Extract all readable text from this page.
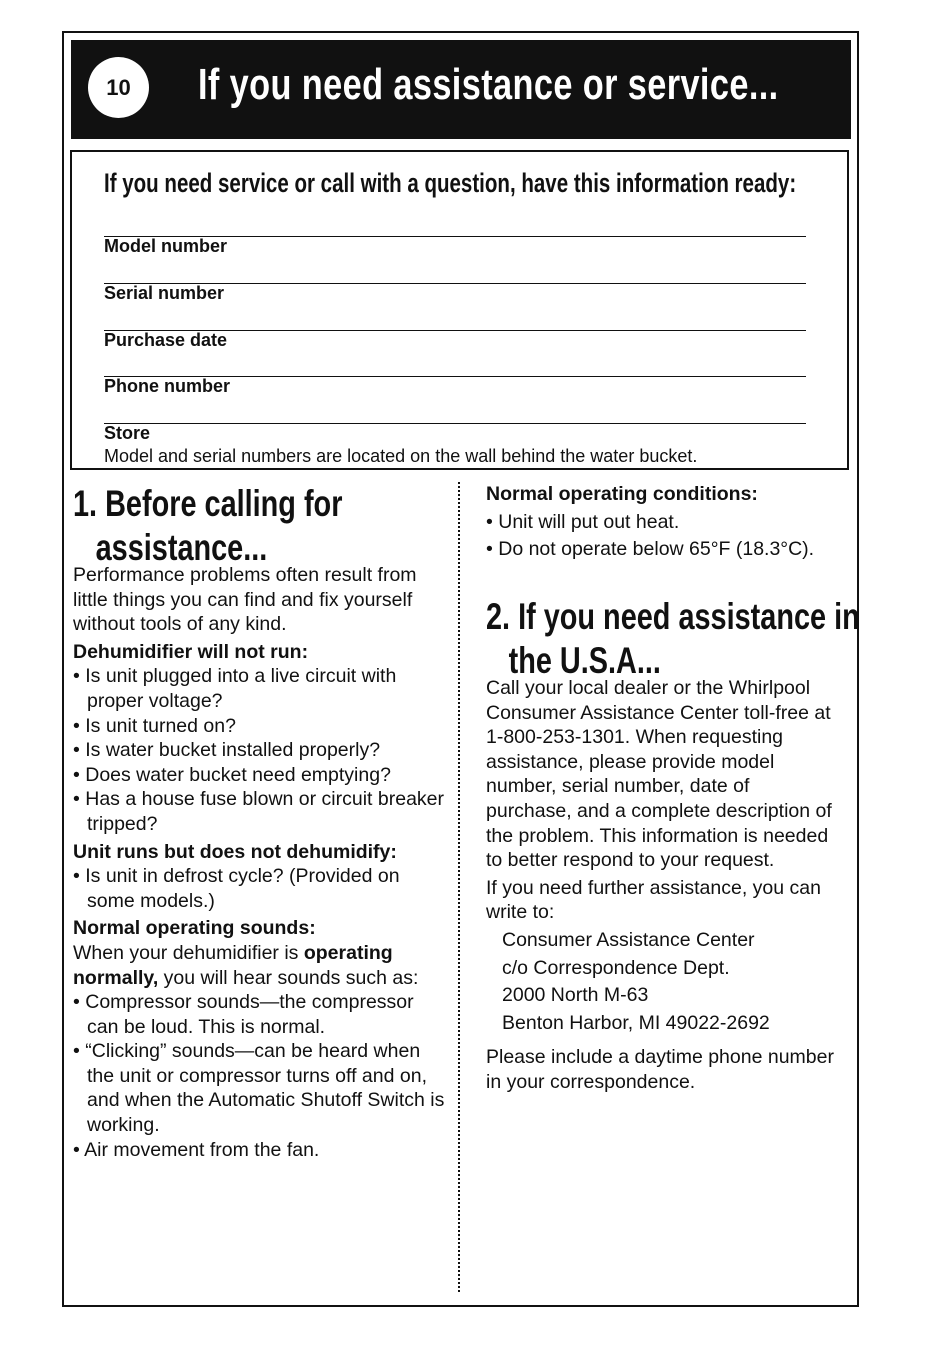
10	If you need assistance or service...
If you need service or call with a question, have this information ready:
Model number
Serial number
Purchase date
Phone number
Store
Model and serial numbers are located on the wall behind the water bucket.
1. Before calling for
assistance...

Performance problems often result from little things you can find and fix yourself without tools of any kind.

Dehumidifier will not run:

• Is unit plugged into a live circuit with proper voltage?

• Is unit turned on?

• Is water bucket installed properly?

• Does water bucket need emptying?

• Has a house fuse blown or circuit breaker tripped?

Unit runs but does not dehumidify:

• Is unit in defrost cycle? (Provided on some models.)

Normal operating sounds:

When your dehumidifier is operating normally, you will hear sounds such as:

• Compressor sounds—the compressor can be loud. This is normal.

• “Clicking” sounds—can be heard when the unit or compressor turns off and on, and when the Automatic Shutoff Switch is working.

• Air movement from the fan.

Normal operating conditions:

• Unit will put out heat.

• Do not operate below 65°F (18.3°C).

2. If you need assistance in
the U.S.A...

Call your local dealer or the Whirlpool Consumer Assistance Center toll-free at 1-800-253-1301. When requesting assistance, please provide model number, serial number, date of purchase, and a complete description of the problem. This information is needed to better respond to your request.

If you need further assistance, you can write to:

Consumer Assistance Center

c/o Correspondence Dept.

2000 North M-63

Benton Harbor, MI 49022-2692

Please include a daytime phone number in your correspondence.
